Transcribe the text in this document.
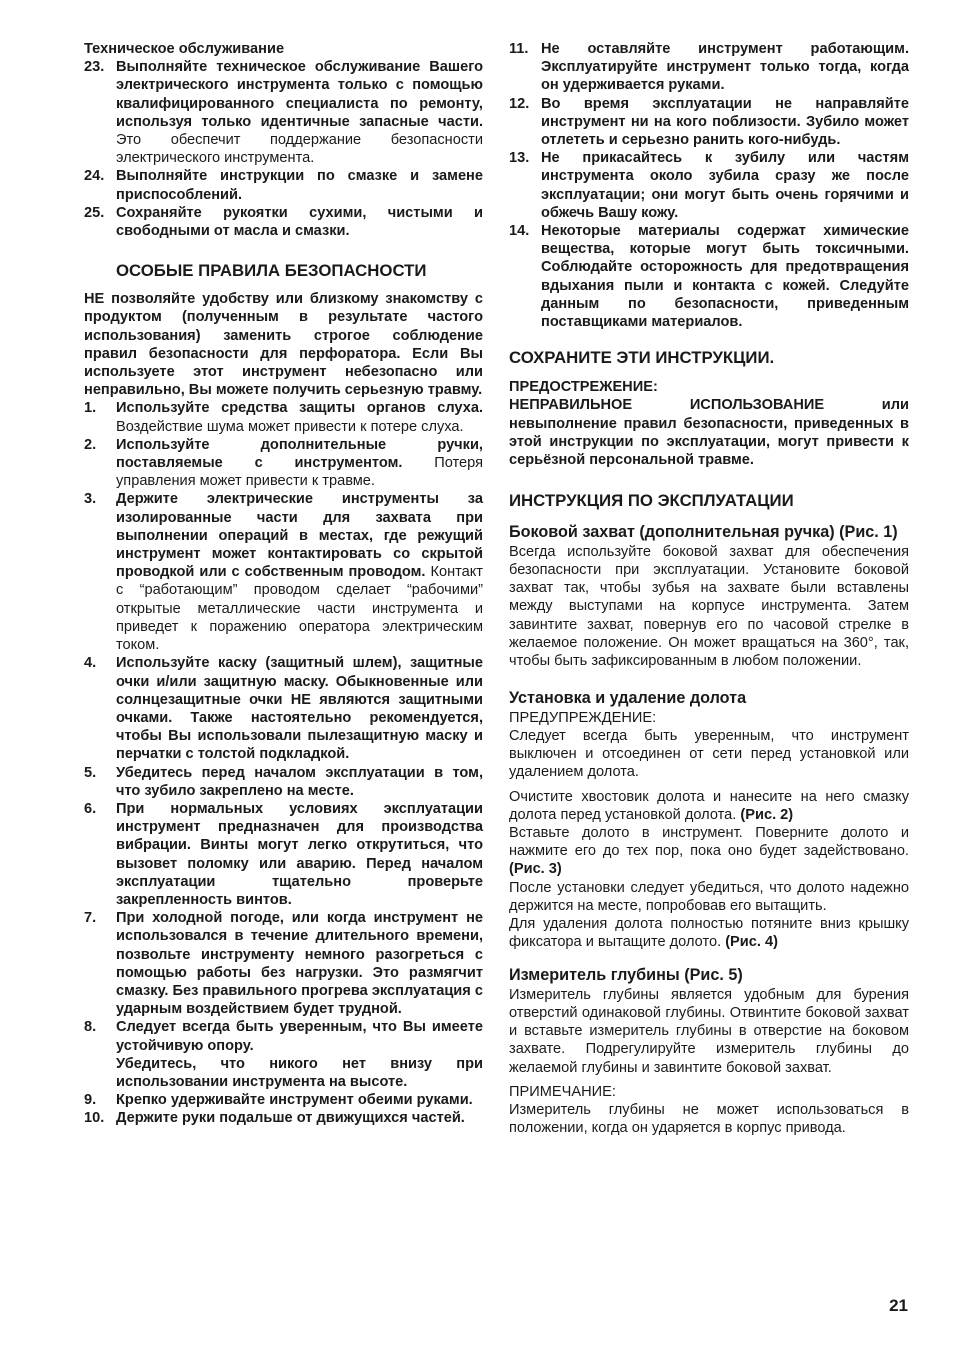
Техническое обслуживание

23. Выполняйте техническое обслуживание Вашего электрического инструмента только с помощью квалифицированного специалиста по ремонту, используя только идентичные запасные части. Это обеспечит поддержание безопасности электрического инструмента.

24. Выполняйте инструкции по смазке и замене приспособлений.

25. Сохраняйте рукоятки сухими, чистыми и свободными от масла и смазки.

ОСОБЫЕ ПРАВИЛА БЕЗОПАСНОСТИ

НЕ позволяйте удобству или близкому знакомству с продуктом (полученным в результате частого использования) заменить строгое соблюдение правил безопасности для перфоратора. Если Вы используете этот инструмент небезопасно или неправильно, Вы можете получить серьезную травму.

1.	Используйте средства защиты органов слуха. Воздействие шума может привести к потере слуха.

2.	Используйте дополнительные ручки, поставляемые с инструментом. Потеря управления может привести к травме.

3.	Держите электрические инструменты за изолированные части для захвата при выполнении операций в местах, где режущий инструмент может контактировать со скрытой проводкой или с собственным проводом. Контакт с “работающим” проводом сделает “рабочими” открытые металлические части инструмента и приведет к поражению оператора электрическим током.

4.	Используйте каску (защитный шлем), защитные очки и/или защитную маску. Обыкновенные или солнцезащитные очки НЕ являются защитными очками. Также настоятельно рекомендуется, чтобы Вы использовали пылезащитную маску и перчатки с толстой подкладкой.

5.	Убедитесь перед началом эксплуатации в том, что зубило закреплено на месте.

6.	При нормальных условиях эксплуатации инструмент предназначен для производства вибрации. Винты могут легко открутиться, что вызовет поломку или аварию. Перед началом эксплуатации тщательно проверьте закрепленность винтов.

7.	При холодной погоде, или когда инструмент не использовался в течение длительного времени, позвольте инструменту немного разогреться с помощью работы без нагрузки. Это размягчит смазку. Без правильного прогрева эксплуатация с ударным воздействием будет трудной.

8.	Следует всегда быть уверенным, что Вы имеете устойчивую опору.

Убедитесь, что никого нет внизу при использовании инструмента на высоте.

9.	Крепко удерживайте инструмент обеими руками.

10. Держите руки подальше от движущихся частей.

11. Не оставляйте инструмент работающим. Эксплуатируйте инструмент только тогда, когда он удерживается руками.

12. Во время эксплуатации не направляйте инструмент ни на кого поблизости. Зубило может отлететь и серьезно ранить кого-нибудь.

13. Не прикасайтесь к зубилу или частям инструмента около зубила сразу же после эксплуатации; они могут быть очень горячими и обжечь Вашу кожу.

14. Некоторые материалы содержат химические вещества, которые могут быть токсичными. Соблюдайте осторожность для предотвращения вдыхания пыли и контакта с кожей. Следуйте данным по безопасности, приведенным поставщиками материалов.

СОХРАНИТЕ ЭТИ ИНСТРУКЦИИ.

ПРЕДОСТРЕЖЕНИЕ:

НЕПРАВИЛЬНОЕ ИСПОЛЬЗОВАНИЕ или невыполнение правил безопасности, приведенных в этой инструкции по эксплуатации, могут привести к серьёзной персональной травме.

ИНСТРУКЦИЯ ПО ЭКСПЛУАТАЦИИ

Боковой захват (дополнительная ручка) (Рис. 1)

Всегда используйте боковой захват для обеспечения безопасности при эксплуатации. Установите боковой захват так, чтобы зубья на захвате были вставлены между выступами на корпусе инструмента. Затем завинтите захват, повернув его по часовой стрелке в желаемое положение. Он может вращаться на 360°, так, чтобы быть зафиксированным в любом положении.

Установка и удаление долота

ПРЕДУПРЕЖДЕНИЕ:

Следует всегда быть уверенным, что инструмент выключен и отсоединен от сети перед установкой или удалением долота.

Очистите хвостовик долота и нанесите на него смазку долота перед установкой долота. (Рис. 2)

Вставьте долото в инструмент. Поверните долото и нажмите его до тех пор, пока оно будет задействовано. (Рис. 3)

После установки следует убедиться, что долото надежно держится на месте, попробовав его вытащить.

Для удаления долота полностью потяните вниз крышку фиксатора и вытащите долото. (Рис. 4)

Измеритель глубины (Рис. 5)

Измеритель глубины является удобным для бурения отверстий одинаковой глубины. Отвинтите боковой захват и вставьте измеритель глубины в отверстие на боковом захвате. Подрегулируйте измеритель глубины до желаемой глубины и завинтите боковой захват.

ПРИМЕЧАНИЕ:

Измеритель глубины не может использоваться в положении, когда он ударяется в корпус привода.

21
